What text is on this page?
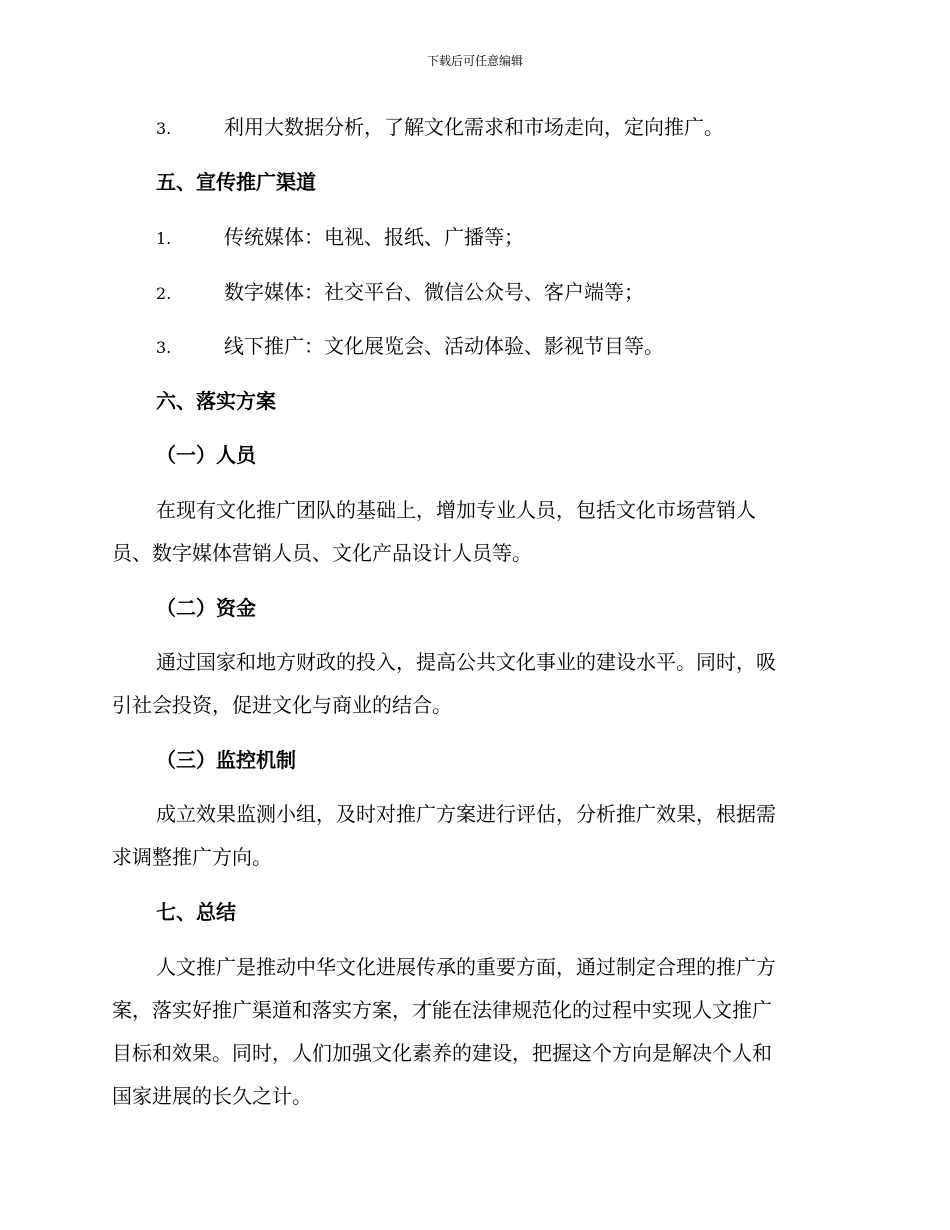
下载后可任意编辑
3.	利用大数据分析，了解文化需求和市场走向，定向推广。
五、宣传推广渠道
1.	传统媒体：电视、报纸、广播等；
2.	数字媒体：社交平台、微信公众号、客户端等；
3.	线下推广：文化展览会、活动体验、影视节目等。
六、落实方案
（一）人员
在现有文化推广团队的基础上，增加专业人员，包括文化市场营销人
员、数字媒体营销人员、文化产品设计人员等。
（二）资金
通过国家和地方财政的投入，提高公共文化事业的建设水平。同时，吸
引社会投资，促进文化与商业的结合。
（三）监控机制
成立效果监测小组，及时对推广方案进行评估，分析推广效果，根据需
求调整推广方向。
七、总结
人文推广是推动中华文化进展传承的重要方面，通过制定合理的推广方
案，落实好推广渠道和落实方案，才能在法律规范化的过程中实现人文推广
目标和效果。同时，人们加强文化素养的建设，把握这个方向是解决个人和
国家进展的长久之计。
